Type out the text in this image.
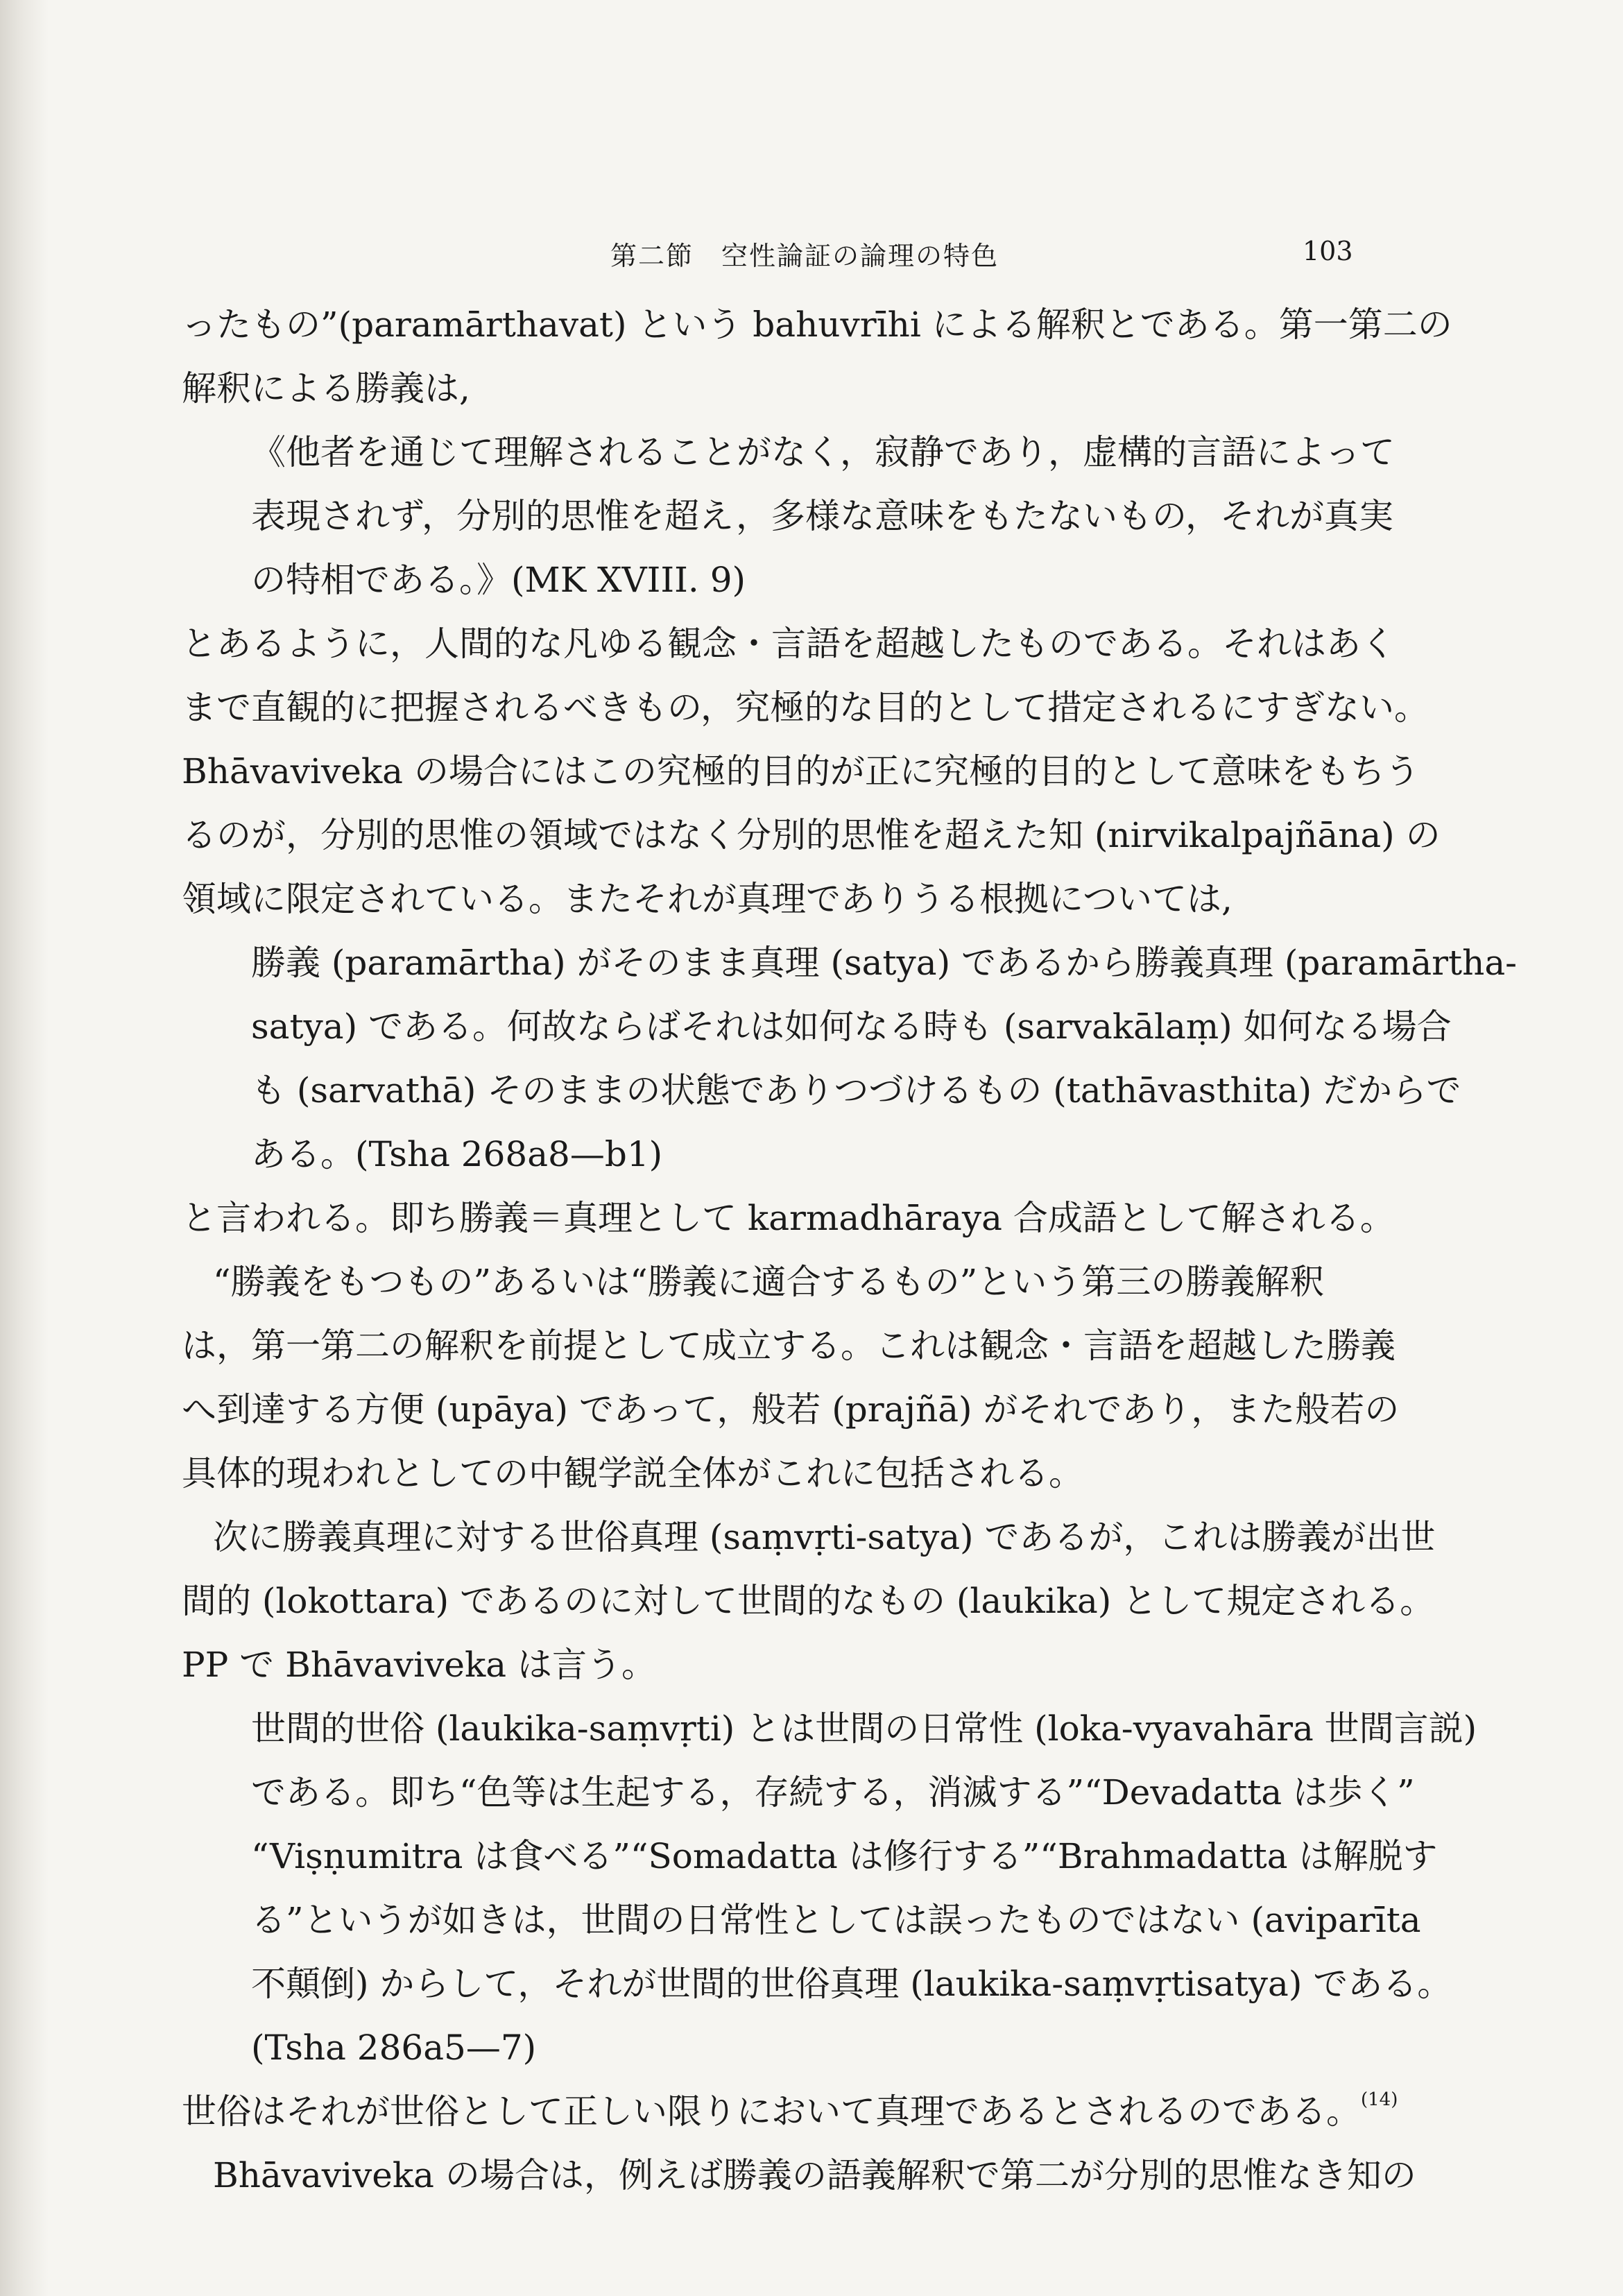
第二節　空性論証の論理の特色	103
ったもの”(paramārthavat) という bahuvrīhi による解釈とである。第一第二の
解釈による勝義は,
《他者を通じて理解されることがなく，寂静であり，虚構的言語によって
表現されず，分別的思惟を超え，多様な意味をもたないもの，それが真実
の特相である。》(MK XVIII. 9)
とあるように，人間的な凡ゆる観念・言語を超越したものである。それはあく
まで直観的に把握されるべきもの，究極的な目的として措定されるにすぎない。
Bhāvaviveka の場合にはこの究極的目的が正に究極的目的として意味をもちう
るのが，分別的思惟の領域ではなく分別的思惟を超えた知 (nirvikalpajñāna) の
領域に限定されている。またそれが真理でありうる根拠については,
勝義 (paramārtha) がそのまま真理 (satya) であるから勝義真理 (paramārtha-
satya) である。何故ならばそれは如何なる時も (sarvakālaṃ) 如何なる場合
も (sarvathā) そのままの状態でありつづけるもの (tathāvasthita) だからで
ある。(Tsha 268a8—b1)
と言われる。即ち勝義＝真理として karmadhāraya 合成語として解される。
“勝義をもつもの”あるいは“勝義に適合するもの”という第三の勝義解釈
は，第一第二の解釈を前提として成立する。これは観念・言語を超越した勝義
へ到達する方便 (upāya) であって，般若 (prajñā) がそれであり，また般若の
具体的現われとしての中観学説全体がこれに包括される。
次に勝義真理に対する世俗真理 (saṃvṛti-satya) であるが，これは勝義が出世
間的 (lokottara) であるのに対して世間的なもの (laukika) として規定される。
PP で Bhāvaviveka は言う。
世間的世俗 (laukika-saṃvṛti) とは世間の日常性 (loka-vyavahāra 世間言説)
である。即ち“色等は生起する，存続する，消滅する”“Devadatta は歩く”
“Viṣṇumitra は食べる”“Somadatta は修行する”“Brahmadatta は解脱す
る”というが如きは，世間の日常性としては誤ったものではない (aviparīta
不顛倒) からして，それが世間的世俗真理 (laukika-saṃvṛtisatya) である。
(Tsha 286a5—7)
世俗はそれが世俗として正しい限りにおいて真理であるとされるのである。$^{(14)}$
Bhāvaviveka の場合は，例えば勝義の語義解釈で第二が分別的思惟なき知の
